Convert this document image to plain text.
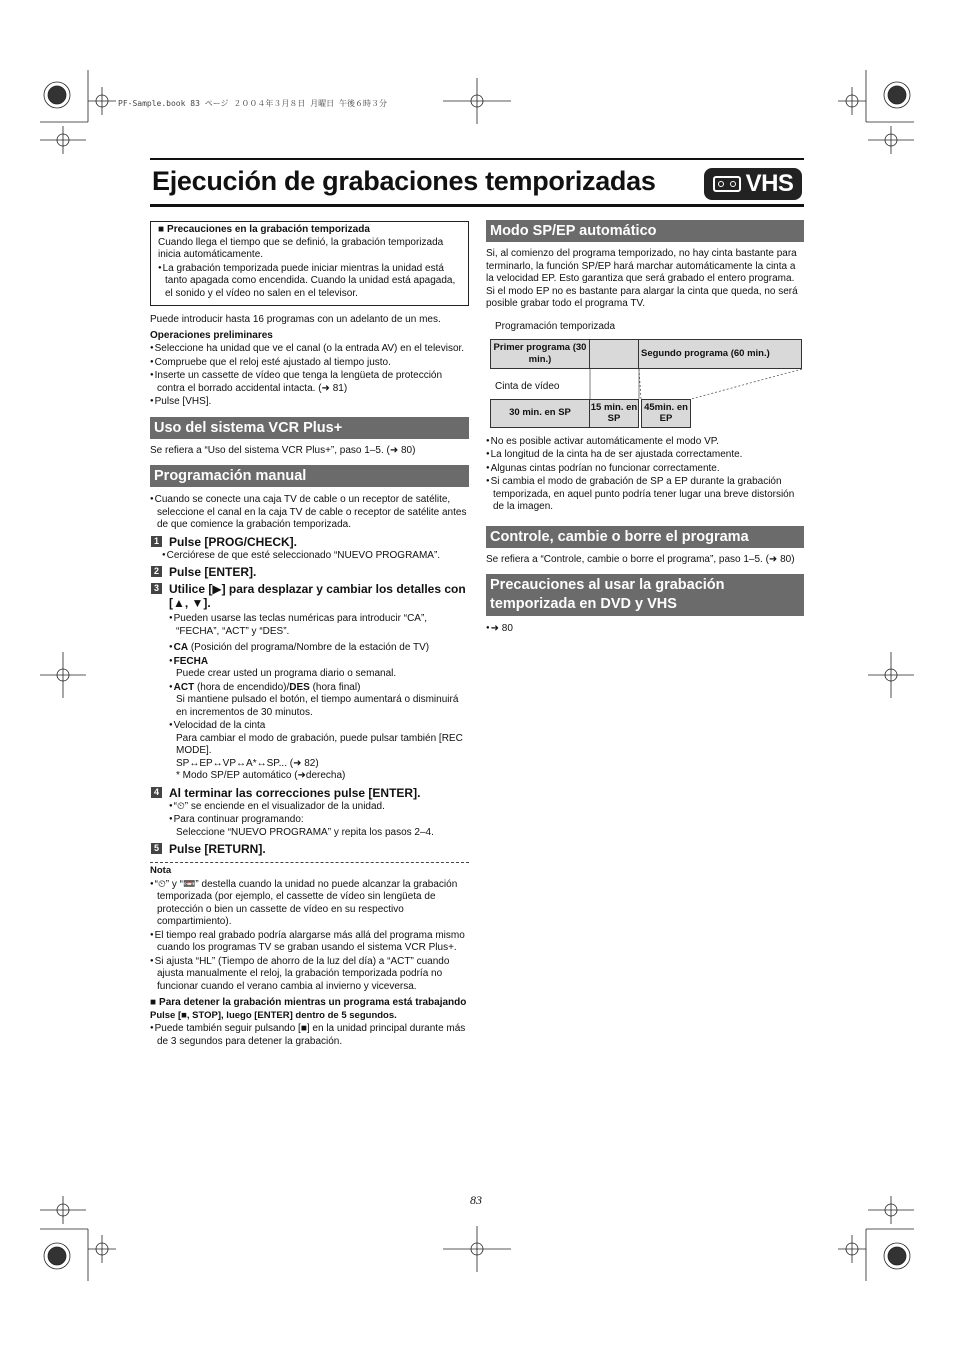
PF-Sample.book 83 ページ ２００４年３月８日 月曜日 午後６時３分
Ejecución de grabaciones temporizadas	VHS

■ Precauciones en la grabación temporizada

Cuando llega el tiempo que se definió, la grabación temporizada inicia automáticamente.

● La grabación temporizada puede iniciar mientras la unidad está tanto apagada como encendida. Cuando la unidad está apagada, el sonido y el vídeo no salen en el televisor.

Puede introducir hasta 16 programas con un adelanto de un mes.

Operaciones preliminares

● Seleccione ha unidad que ve el canal (o la entrada AV) en el televisor.

● Compruebe que el reloj esté ajustado al tiempo justo.

● Inserte un cassette de vídeo que tenga la lengüeta de protección contra el borrado accidental intacta. (➜ 81)

● Pulse [VHS].

Uso del sistema VCR Plus+

Se refiera a “Uso del sistema VCR Plus+”, paso 1–5. (➜ 80)

Programación manual

● Cuando se conecte una caja TV de cable o un receptor de satélite, seleccione el canal en la caja TV de cable o receptor de satélite antes de que comience la grabación temporizada.

1 Pulse [PROG/CHECK].

● Cerciórese de que esté seleccionado “NUEVO PROGRAMA”.

2 Pulse [ENTER].
3 Utilice [▶] para desplazar y cambiar los detalles con [▲, ▼].

● Pueden usarse las teclas numéricas para introducir “CA”, “FECHA”, “ACT” y “DES”.

● CA (Posición del programa/Nombre de la estación de TV)

● FECHA

Puede crear usted un programa diario o semanal.

● ACT (hora de encendido)/DES (hora final)

Si mantiene pulsado el botón, el tiempo aumentará o disminuirá en incrementos de 30 minutos.

● Velocidad de la cinta

Para cambiar el modo de grabación, puede pulsar también [REC MODE].

SP↔EP↔VP↔A*↔SP... (➜ 82)

* Modo SP/EP automático (➜derecha)

4 Al terminar las correcciones pulse [ENTER].

● “⏲” se enciende en el visualizador de la unidad.

● Para continuar programando:

Seleccione “NUEVO PROGRAMA” y repita los pasos 2–4.

5 Pulse [RETURN].

Nota

● “⏲” y “📼” destella cuando la unidad no puede alcanzar la grabación temporizada (por ejemplo, el cassette de vídeo sin lengüeta de protección o bien un cassette de vídeo en su respectivo compartimiento).

● El tiempo real grabado podría alargarse más allá del programa mismo cuando los programas TV se graban usando el sistema VCR Plus+.

● Si ajusta “HL” (Tiempo de ahorro de la luz del día) a “ACT” cuando ajusta manualmente el reloj, la grabación temporizada podría no funcionar cuando el verano cambia al invierno y viceversa.

■ Para detener la grabación mientras un programa está trabajando

Pulse [■, STOP], luego [ENTER] dentro de 5 segundos.

● Puede también seguir pulsando [■] en la unidad principal durante más de 3 segundos para detener la grabación.

Modo SP/EP automático

Si, al comienzo del programa temporizado, no hay cinta bastante para terminarlo, la función SP/EP hará marchar automáticamente la cinta a la velocidad EP. Esto garantiza que será grabado el entero programa. Si el modo EP no es bastante para alargar la cinta que queda, no será posible grabar todo el programa TV.

Programación temporizada
Primer programa (30 min.)
Segundo programa (60 min.)
Cinta de vídeo
30 min. en SP
15 min. en SP
45min. en EP

● No es posible activar automáticamente el modo VP.

● La longitud de la cinta ha de ser ajustada correctamente.

● Algunas cintas podrían no funcionar correctamente.

● Si cambia el modo de grabación de SP a EP durante la grabación temporizada, en aquel punto podría tener lugar una breve distorsión de la imagen.

Controle, cambie o borre el programa

Se refiera a “Controle, cambie o borre el programa”, paso 1–5. (➜ 80)

Precauciones al usar la grabación temporizada en DVD y VHS

● ➜ 80

83
